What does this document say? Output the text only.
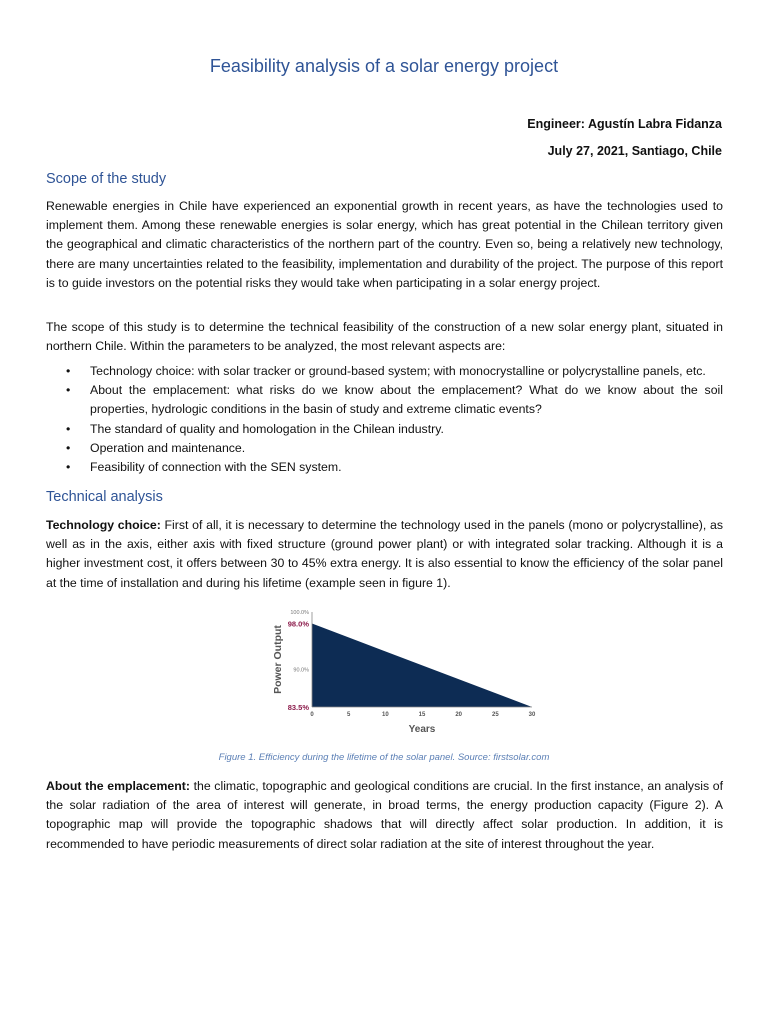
Feasibility analysis of a solar energy project
Engineer: Agustín Labra Fidanza
July 27, 2021, Santiago, Chile
Scope of the study
Renewable energies in Chile have experienced an exponential growth in recent years, as have the technologies used to implement them. Among these renewable energies is solar energy, which has great potential in the Chilean territory given the geographical and climatic characteristics of the northern part of the country. Even so, being a relatively new technology, there are many uncertainties related to the feasibility, implementation and durability of the project. The purpose of this report is to guide investors on the potential risks they would take when participating in a solar energy project.
The scope of this study is to determine the technical feasibility of the construction of a new solar energy plant, situated in northern Chile. Within the parameters to be analyzed, the most relevant aspects are:
• Technology choice: with solar tracker or ground-based system; with monocrystalline or polycrystalline panels, etc.
• About the emplacement: what risks do we know about the emplacement? What do we know about the soil properties, hydrologic conditions in the basin of study and extreme climatic events?
• The standard of quality and homologation in the Chilean industry.
• Operation and maintenance.
• Feasibility of connection with the SEN system.
Technical analysis
Technology choice: First of all, it is necessary to determine the technology used in the panels (mono or polycrystalline), as well as in the axis, either axis with fixed structure (ground power plant) or with integrated solar tracking. Although it is a higher investment cost, it offers between 30 to 45% extra energy. It is also essential to know the efficiency of the solar panel at the time of installation and during his lifetime (example seen in figure 1).
100.0%
90.0%
98.0%
83.5%
0	5	10	15	20	25	30
Years
Power Output
Figure 1. Efficiency during the lifetime of the solar panel. Source: firstsolar.com
About the emplacement: the climatic, topographic and geological conditions are crucial. In the first instance, an analysis of the solar radiation of the area of interest will generate, in broad terms, the energy production capacity (Figure 2). A topographic map will provide the topographic shadows that will directly affect solar production. In addition, it is recommended to have periodic measurements of direct solar radiation at the site of interest throughout the year.
